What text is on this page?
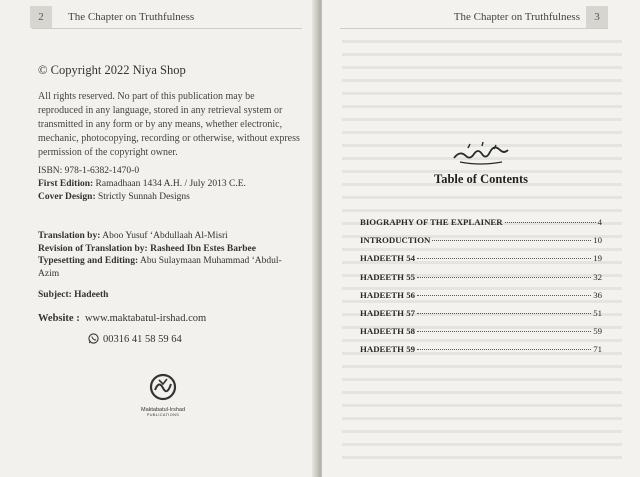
2	The Chapter on Truthfulness
© Copyright 2022 Niya Shop
All rights reserved. No part of this publication may be reproduced in any language, stored in any retrieval system or transmitted in any form or by any means, whether electronic, mechanic, photocopying, recording or otherwise, without express permission of the copyright owner.
ISBN: 978-1-6382-1470-0
First Edition: Ramadhaan 1434 A.H. / July 2013 C.E.
Cover Design: Strictly Sunnah Designs
Translation by: Aboo Yusuf ‘Abdullaah Al-Misri
Revision of Translation by: Rasheed Ibn Estes Barbee
Typesetting and Editing: Abu Sulaymaan Muhammad ‘Abdul-Azim
Subject: Hadeeth
Website : www.maktabatul-irshad.com
00316 41 58 59 64
Maktabatul-Irshad
PUBLICATIONS
The Chapter on Truthfulness	3
Table of Contents
BIOGRAPHY OF THE EXPLAINER	4
INTRODUCTION	10
HADEETH 54	19
HADEETH 55	32
HADEETH 56	36
HADEETH 57	51
HADEETH 58	59
HADEETH 59	71
